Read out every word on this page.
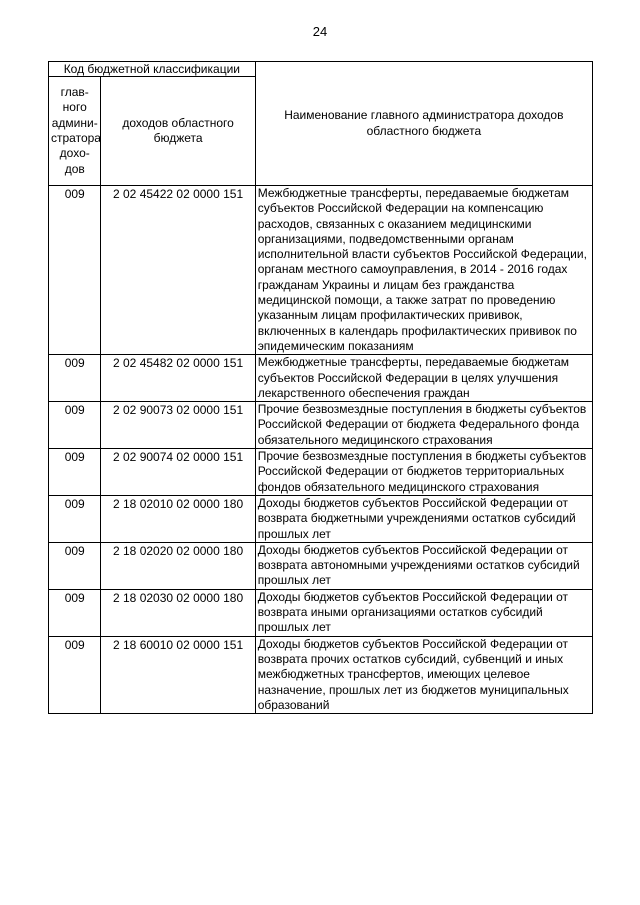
24
Код бюджетной классификации		Наименование главного администратора доходов областного бюджета
глав-ного админи-стратора дохо-дов	доходов областного бюджета	
009	2 02 45422 02 0000 151	Межбюджетные трансферты, передаваемые бюджетам субъектов Российской Федерации на компенсацию расходов, связанных с оказанием медицинскими организациями, подведомственными органам исполнительной власти субъектов Российской Федерации, органам местного самоуправления, в 2014 - 2016 годах гражданам Украины и лицам без гражданства медицинской помощи, а также затрат по проведению указанным лицам профилактических прививок, включенных в календарь профилактических прививок по эпидемическим показаниям
009	2 02 45482 02 0000 151	Межбюджетные трансферты, передаваемые бюджетам субъектов Российской Федерации в целях улучшения лекарственного обеспечения граждан
009	2 02 90073 02 0000 151	Прочие безвозмездные поступления в бюджеты субъектов Российской Федерации от бюджета Федерального фонда обязательного медицинского страхования
009	2 02 90074 02 0000 151	Прочие безвозмездные поступления в бюджеты субъектов Российской Федерации от бюджетов территориальных фондов обязательного медицинского страхования
009	2 18 02010 02 0000 180	Доходы бюджетов субъектов Российской Федерации от возврата бюджетными учреждениями остатков субсидий прошлых лет
009	2 18 02020 02 0000 180	Доходы бюджетов субъектов Российской Федерации от возврата автономными учреждениями остатков субсидий прошлых лет
009	2 18 02030 02 0000 180	Доходы бюджетов субъектов Российской Федерации от возврата иными организациями остатков субсидий прошлых лет
009	2 18 60010 02 0000 151	Доходы бюджетов субъектов Российской Федерации от возврата прочих остатков субсидий, субвенций и иных межбюджетных трансфертов, имеющих целевое назначение, прошлых лет из бюджетов муниципальных образований
